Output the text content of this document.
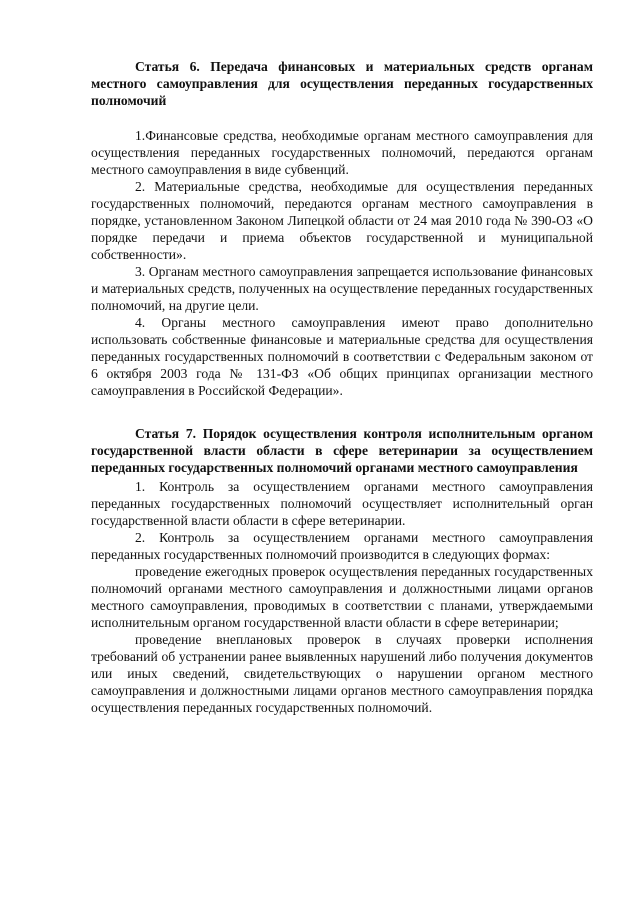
Статья 6. Передача финансовых и материальных средств органам местного самоуправления для осуществления переданных государственных полномочий

1.Финансовые средства, необходимые органам местного самоуправления для осуществления переданных государственных полномочий, передаются органам местного самоуправления в виде субвенций.

2. Материальные средства, необходимые для осуществления переданных государственных полномочий, передаются органам местного самоуправления в порядке, установленном Законом Липецкой области от 24 мая 2010 года № 390-ОЗ «О порядке передачи и приема объектов государственной и муниципальной собственности».

3. Органам местного самоуправления запрещается использование финансовых и материальных средств, полученных на осуществление переданных государственных полномочий, на другие цели.

4. Органы местного самоуправления имеют право дополнительно использовать собственные финансовые и материальные средства для осуществления переданных государственных полномочий в соответствии с Федеральным законом от 6 октября 2003 года № 131-ФЗ «Об общих принципах организации местного самоуправления в Российской Федерации».

Статья 7. Порядок осуществления контроля исполнительным органом государственной власти области в сфере ветеринарии за осуществлением переданных государственных полномочий органами местного самоуправления

1. Контроль за осуществлением органами местного самоуправления переданных государственных полномочий осуществляет исполнительный орган государственной власти области в сфере ветеринарии.

2. Контроль за осуществлением органами местного самоуправления переданных государственных полномочий производится в следующих формах:

проведение ежегодных проверок осуществления переданных государственных полномочий органами местного самоуправления и должностными лицами органов местного самоуправления, проводимых в соответствии с планами, утверждаемыми исполнительным органом государственной власти области в сфере ветеринарии;

проведение внеплановых проверок в случаях проверки исполнения требований об устранении ранее выявленных нарушений либо получения документов или иных сведений, свидетельствующих о нарушении органом местного самоуправления и должностными лицами органов местного самоуправления порядка осуществления переданных государственных полномочий.
